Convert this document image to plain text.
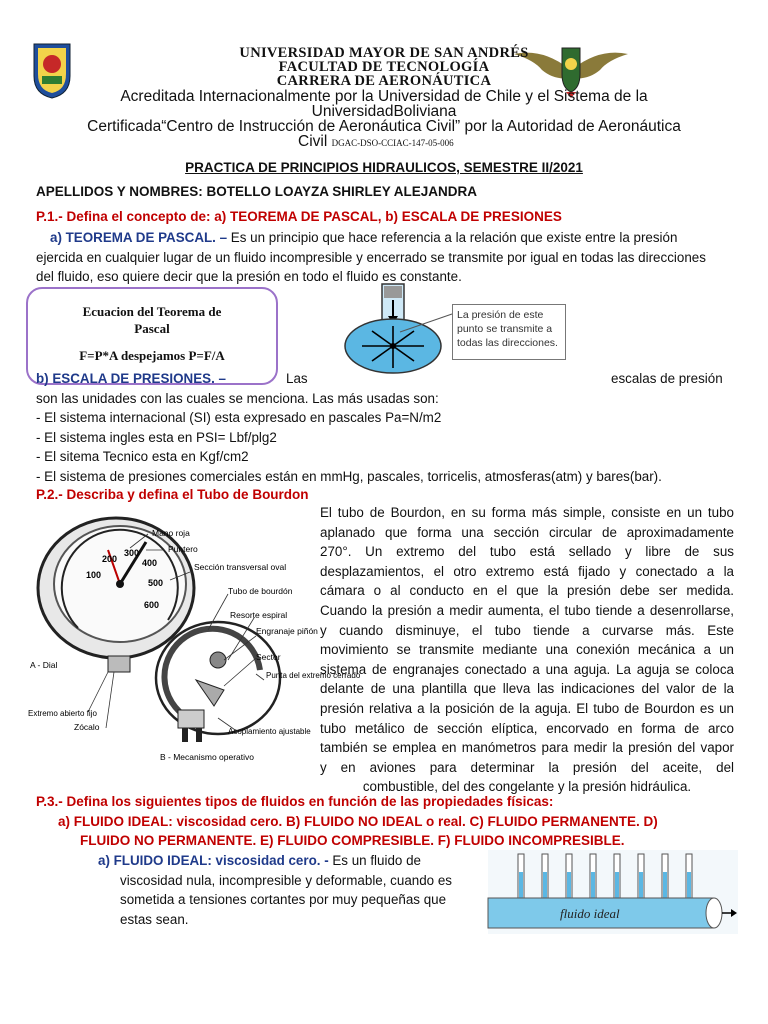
UNIVERSIDAD MAYOR DE SAN ANDRÉS
FACULTAD DE TECNOLOGÍA
CARRERA DE AERONÁUTICA
Acreditada Internacionalmente por la Universidad de Chile y el Sistema de la
UniversidadBoliviana
Certificada“Centro de Instrucción de Aeronáutica Civil” por la Autoridad de Aeronáutica
Civil DGAC-DSO-CCIAC-147-05-006
PRACTICA DE PRINCIPIOS HIDRAULICOS, SEMESTRE II/2021
APELLIDOS Y NOMBRES: BOTELLO LOAYZA SHIRLEY ALEJANDRA
P.1.- Defina el concepto de: a) TEOREMA DE PASCAL, b) ESCALA DE PRESIONES
a) TEOREMA DE PASCAL. – Es un principio que hace referencia a la relación que existe entre la presión
ejercida en cualquier lugar de un fluido incompresible y encerrado se transmite por igual en todas las direcciones
del fluido, eso quiere decir que la presión en todo el fluido es constante.
Ecuacion del Teorema de Pascal
F=P*A despejamos P=F/A
La presión de este punto se transmite a todas las direcciones.
b) ESCALA DE PRESIONES. –	Las	escalas de presión
son las unidades con las cuales se menciona. Las más usadas son:
- El sistema internacional (SI) esta expresado en pascales Pa=N/m2
- El sistema ingles esta en PSI= Lbf/plg2
- El sitema Tecnico esta en Kgf/cm2
- El sistema de presiones comerciales están en mmHg, pascales, torricelis, atmosferas(atm) y bares(bar).
P.2.- Describa y defina el Tubo de Bourdon
El tubo de Bourdon, en su forma más simple, consiste en un tubo
aplanado que forma una sección circular de aproximadamente
270°. Un extremo del tubo está sellado y libre de sus
desplazamientos, el otro extremo está fijado y conectado a la
cámara o al conducto en el que la presión debe ser medida.
Cuando la presión a medir aumenta, el tubo tiende a desenrollarse,
y cuando disminuye, el tubo tiende a curvarse más. Este
movimiento se transmite mediante una conexión mecánica a un
sistema de engranajes conectado a una aguja. La aguja se coloca
delante de una plantilla que lleva las indicaciones del valor de la
presión relativa a la posición de la aguja. El tubo de Bourdon es un
tubo metálico de sección elíptica, encorvado en forma de arco
también se emplea en manómetros para medir la presión del vapor
y en aviones para determinar la presión del aceite, del
combustible, del des congelante y la presión hidráulica.
100
200
300
400
500
600
Mano roja
Puntero
Sección transversal oval
Tubo de bourdón
Resorte espiral
Engranaje piñón
Sector
Punta del extremo cerrado
A - Dial
Extremo abierto fijo
Zócalo	Acoplamiento ajustable
B - Mecanismo operativo
P.3.- Defina los siguientes tipos de fluidos en función de las propiedades físicas:
a) FLUIDO IDEAL: viscosidad cero. B) FLUIDO NO IDEAL o real. C) FLUIDO PERMANENTE. D)
FLUIDO NO PERMANENTE. E) FLUIDO COMPRESIBLE. F) FLUIDO INCOMPRESIBLE.
a) FLUIDO IDEAL: viscosidad cero. - Es un fluido de
viscosidad nula, incompresible y deformable, cuando es
sometida a tensiones cortantes por muy pequeñas que
estas sean.	fluido ideal
